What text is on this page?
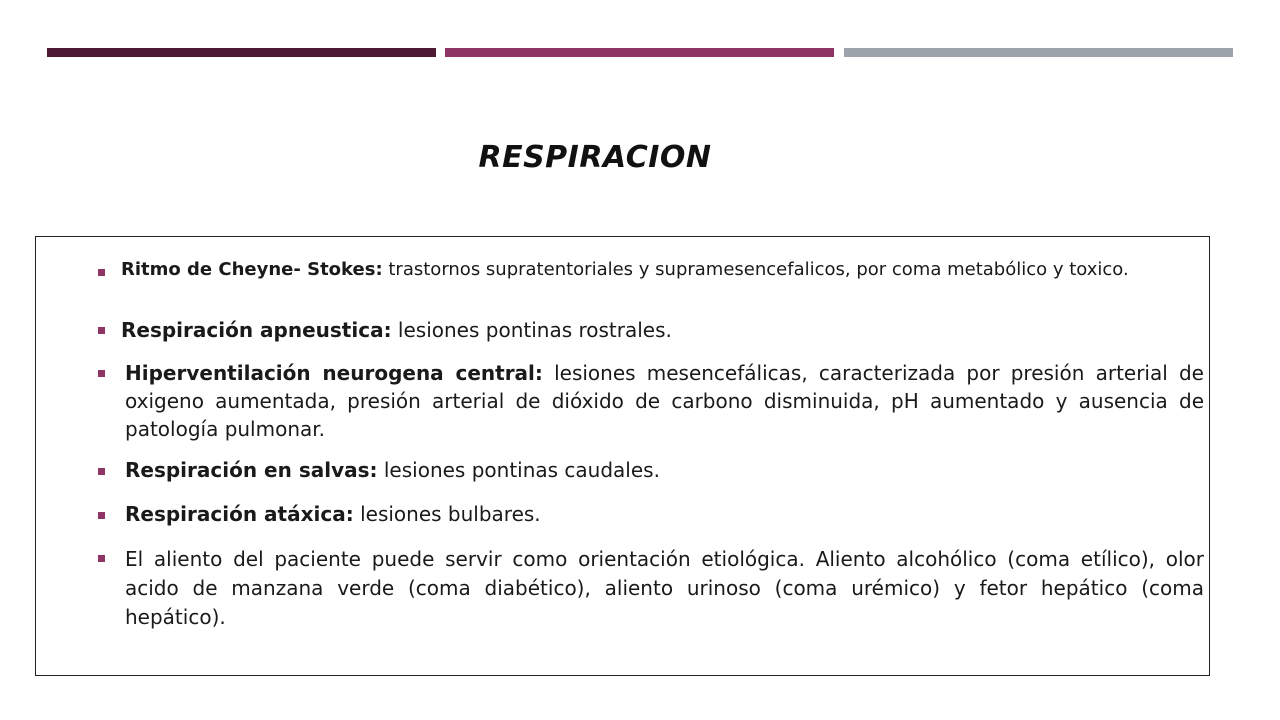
RESPIRACION
Ritmo de Cheyne- Stokes: trastornos supratentoriales y supramesencefalicos, por coma metabólico y toxico.
Respiración apneustica: lesiones pontinas rostrales.
Hiperventilación neurogena central: lesiones mesencefálicas, caracterizada por presión arterial de oxigeno aumentada, presión arterial de dióxido de carbono disminuida, pH aumentado y ausencia de patología pulmonar.
Respiración en salvas: lesiones pontinas caudales.
Respiración atáxica: lesiones bulbares.
El aliento del paciente puede servir como orientación etiológica. Aliento alcohólico (coma etílico), olor acido de manzana verde (coma diabético), aliento urinoso (coma urémico) y fetor hepático (coma hepático).
